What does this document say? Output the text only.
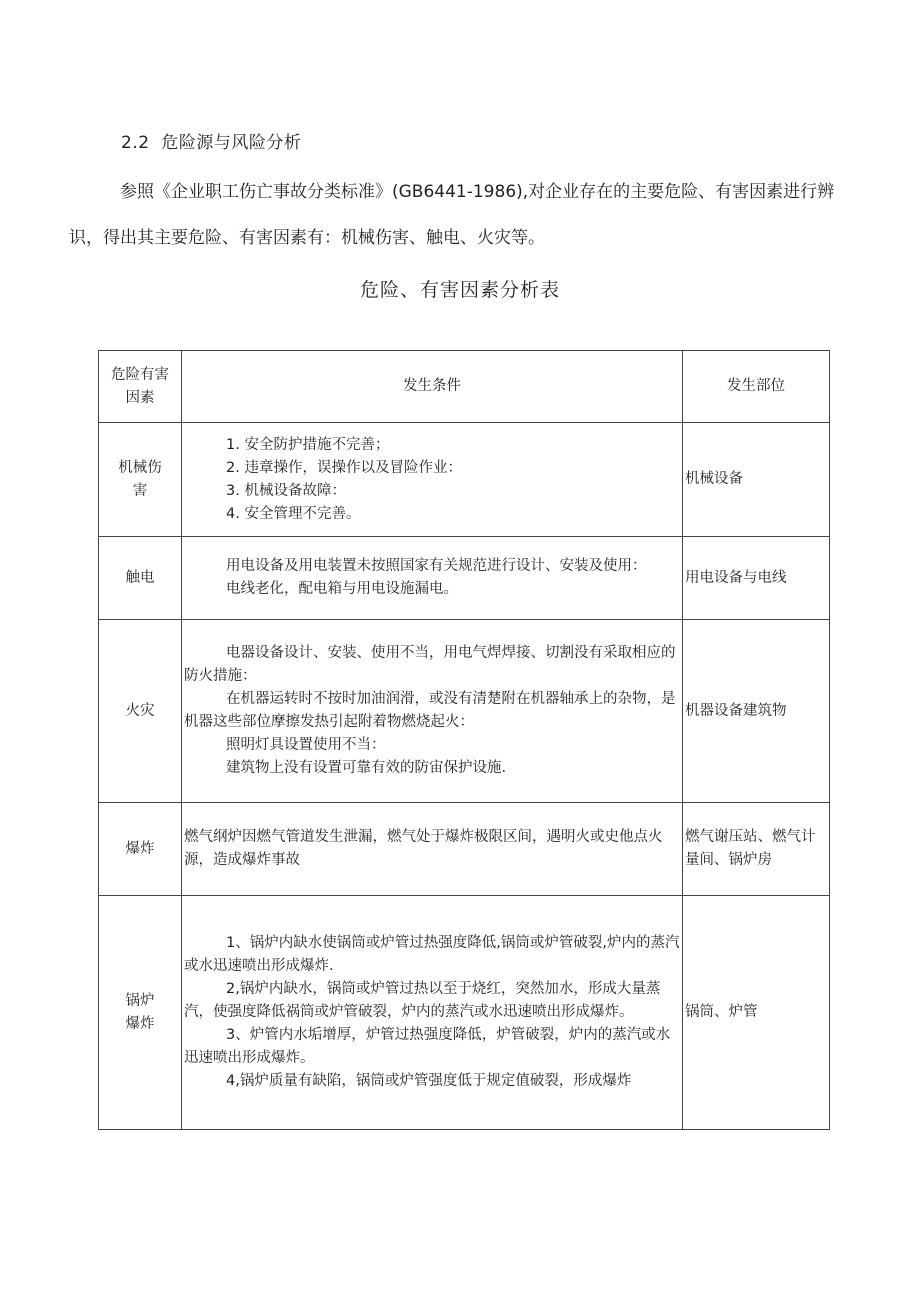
2.2 危险源与风险分析
参照《企业职工伤亡事故分类标准》(GB6441-1986),对企业存在的主要危险、有害因素进行辨识，得出其主要危险、有害因素有：机械伤害、触电、火灾等。
危险、有害因素分析表
危险有害
因素	发生条件	发生部位

机械伤
害	1. 安全防护措施不完善；
2. 违章操作，误操作以及冒险作业：
3. 机械设备故障：
4. 安全管理不完善。	机械设备

触电	用电设备及用电装置未按照国家有关规范进行设计、安装及使用：
电线老化，配电箱与用电设施漏电。	用电设备与电线

火灾	电器设备设计、安装、使用不当，用电气焊焊接、切割没有采取相应的防火措施：
在机器运转时不按时加油润滑，或没有清楚附在机器轴承上的杂物，是机器这些部位摩擦发热引起附着物燃烧起火：
照明灯具设置使用不当：
建筑物上没有设置可靠有效的防宙保护设施.	机器设备建筑物

爆炸	燃气纲炉因燃气管道发生泄漏，燃气处于爆炸极限区间，遇明火或史他点火源，造成爆炸事故	燃气谢压站、燃气计量间、锅炉房

锅炉
爆炸	1、锅炉内缺水使锅筒或炉管过热强度降低,锅筒或炉管破裂,炉内的蒸汽或水迅速喷出形成爆炸.
2,锅炉内缺水，锅筒或炉管过热以至于烧红，突然加水，形成大量蒸汽，使强度降低祸筒或炉管破裂，炉内的蒸汽或水迅速喷出形成爆炸。
3、炉管内水垢增厚，炉管过热强度降低，炉管破裂，炉内的蒸汽或水迅速喷出形成爆炸。
4,锅炉质量有缺陷，锅筒或炉管强度低于规定值破裂，形成爆炸	锅筒、炉管
